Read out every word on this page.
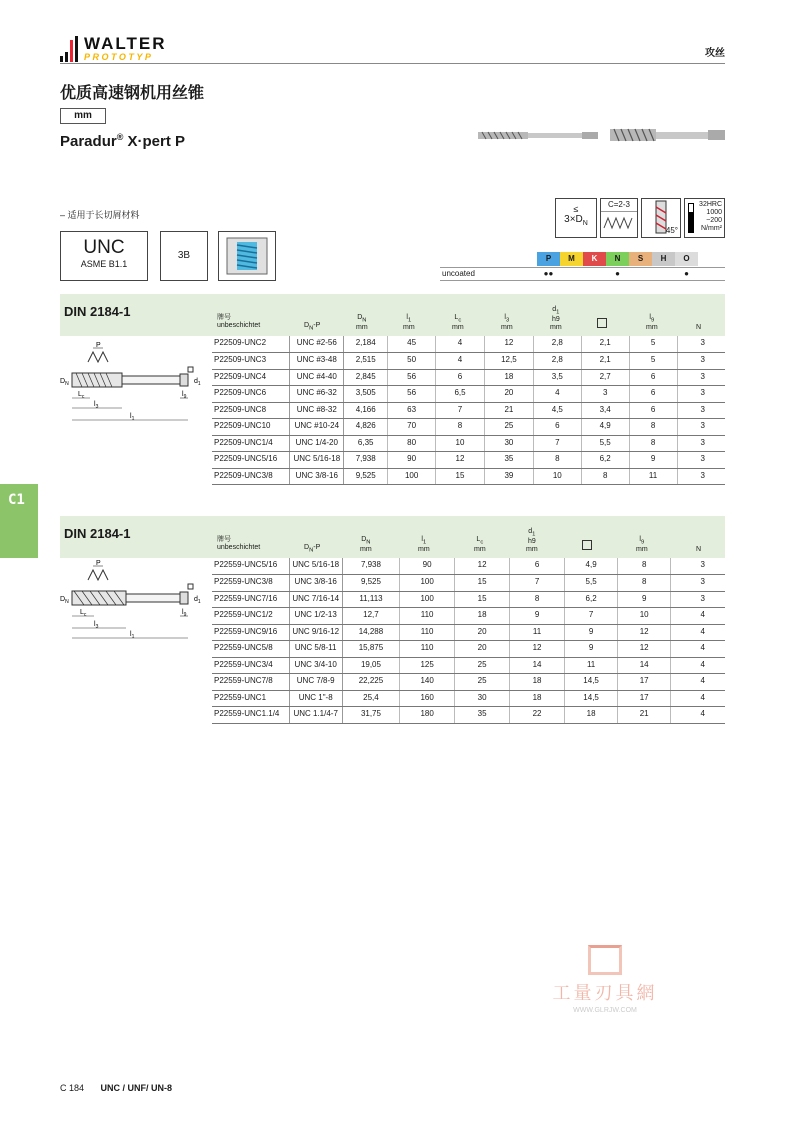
WALTER
PROTOTYP	攻丝
优质高速钢机用丝锥
mm
Paradur® X·pert P
– 适用于长切屑材料
UNC
ASME B1.1
3B
≤
$3\times D_N$
C=2-3
45°
32HRC
1000
~200
N/mm²
P	M	K	N	S	H	O
uncoated	●●	●	●
DIN 2184-1	牌号
unbeschichtet	$D_N-P$
$D_N$
mm
$l_1$
mm
$L_c$
mm
$l_3$
mm
$d_1$
h9
mm
$l_9$
mm	N
P
$D_N$	$d_1$
$L_c$
$l_3$
$l_1$
$l_9$
P22509-UNC2	UNC #2-56	2,184	45	4	12	2,8	2,1	5	3
P22509-UNC3	UNC #3-48	2,515	50	4	12,5	2,8	2,1	5	3
P22509-UNC4	UNC #4-40	2,845	56	6	18	3,5	2,7	6	3
P22509-UNC6	UNC #6-32	3,505	56	6,5	20	4	3	6	3
P22509-UNC8	UNC #8-32	4,166	63	7	21	4,5	3,4	6	3
P22509-UNC10	UNC #10-24	4,826	70	8	25	6	4,9	8	3
P22509-UNC1/4	UNC 1/4-20	6,35	80	10	30	7	5,5	8	3
P22509-UNC5/16	UNC 5/16-18	7,938	90	12	35	8	6,2	9	3
P22509-UNC3/8	UNC 3/8-16	9,525	100	15	39	10	8	11	3
DIN 2184-1	牌号
unbeschichtet	$D_N-P$
$D_N$
mm
$l_1$
mm
$L_c$
mm
$d_1$
h9
mm
$l_9$
mm	N
P
$D_N$	$d_1$
$L_c$
$l_3$
$l_1$
$l_9$
P22559-UNC5/16	UNC 5/16-18	7,938	90	12	6	4,9	8	3
P22559-UNC3/8	UNC 3/8-16	9,525	100	15	7	5,5	8	3
P22559-UNC7/16	UNC 7/16-14	11,113	100	15	8	6,2	9	3
P22559-UNC1/2	UNC 1/2-13	12,7	110	18	9	7	10	4
P22559-UNC9/16	UNC 9/16-12	14,288	110	20	11	9	12	4
P22559-UNC5/8	UNC 5/8-11	15,875	110	20	12	9	12	4
P22559-UNC3/4	UNC 3/4-10	19,05	125	25	14	11	14	4
P22559-UNC7/8	UNC 7/8-9	22,225	140	25	18	14,5	17	4
P22559-UNC1	UNC 1"-8	25,4	160	30	18	14,5	17	4
P22559-UNC1.1/4	UNC 1.1/4-7	31,75	180	35	22	18	21	4
C1
工量刃具網
WWW.GLRJW.COM
C 184 UNC / UNF/ UN-8
